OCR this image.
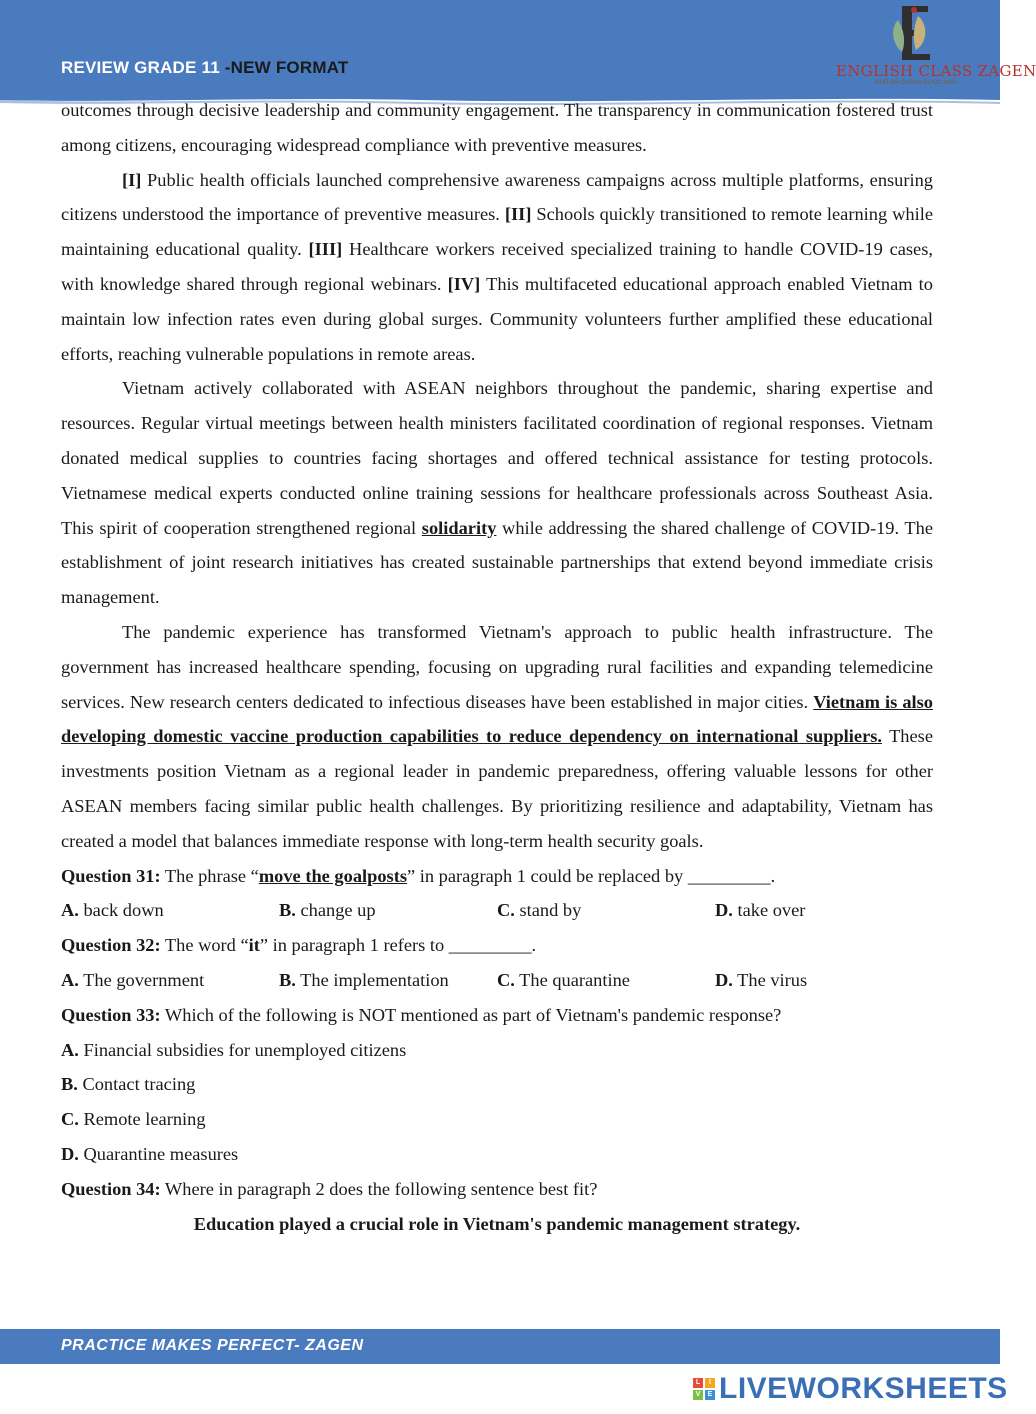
REVIEW GRADE 11 -NEW FORMAT	ENGLISH CLASS ZAGEN
NHỎ ĐÃ CHANG ĐƯỢC NHÃ

outcomes through decisive leadership and community engagement. The transparency in communication fostered trust among citizens, encouraging widespread compliance with preventive measures.

[I] Public health officials launched comprehensive awareness campaigns across multiple platforms, ensuring citizens understood the importance of preventive measures. [II] Schools quickly transitioned to remote learning while maintaining educational quality. [III] Healthcare workers received specialized training to handle COVID-19 cases, with knowledge shared through regional webinars. [IV] This multifaceted educational approach enabled Vietnam to maintain low infection rates even during global surges. Community volunteers further amplified these educational efforts, reaching vulnerable populations in remote areas.

Vietnam actively collaborated with ASEAN neighbors throughout the pandemic, sharing expertise and resources. Regular virtual meetings between health ministers facilitated coordination of regional responses. Vietnam donated medical supplies to countries facing shortages and offered technical assistance for testing protocols. Vietnamese medical experts conducted online training sessions for healthcare professionals across Southeast Asia. This spirit of cooperation strengthened regional solidarity while addressing the shared challenge of COVID-19. The establishment of joint research initiatives has created sustainable partnerships that extend beyond immediate crisis management.

The pandemic experience has transformed Vietnam's approach to public health infrastructure. The government has increased healthcare spending, focusing on upgrading rural facilities and expanding telemedicine services. New research centers dedicated to infectious diseases have been established in major cities. Vietnam is also developing domestic vaccine production capabilities to reduce dependency on international suppliers. These investments position Vietnam as a regional leader in pandemic preparedness, offering valuable lessons for other ASEAN members facing similar public health challenges. By prioritizing resilience and adaptability, Vietnam has created a model that balances immediate response with long-term health security goals.

Question 31: The phrase “move the goalposts” in paragraph 1 could be replaced by _________.

A. back down	B. change up	C. stand by	D. take over

Question 32: The word “it” in paragraph 1 refers to _________.

A. The government	B. The implementation	C. The quarantine	D. The virus

Question 33: Which of the following is NOT mentioned as part of Vietnam's pandemic response?

A. Financial subsidies for unemployed citizens

B. Contact tracing

C. Remote learning

D. Quarantine measures

Question 34: Where in paragraph 2 does the following sentence best fit?

Education played a crucial role in Vietnam's pandemic management strategy.

PRACTICE MAKES PERFECT- ZAGEN
L	I
V	E LIVEWORKSHEETS
